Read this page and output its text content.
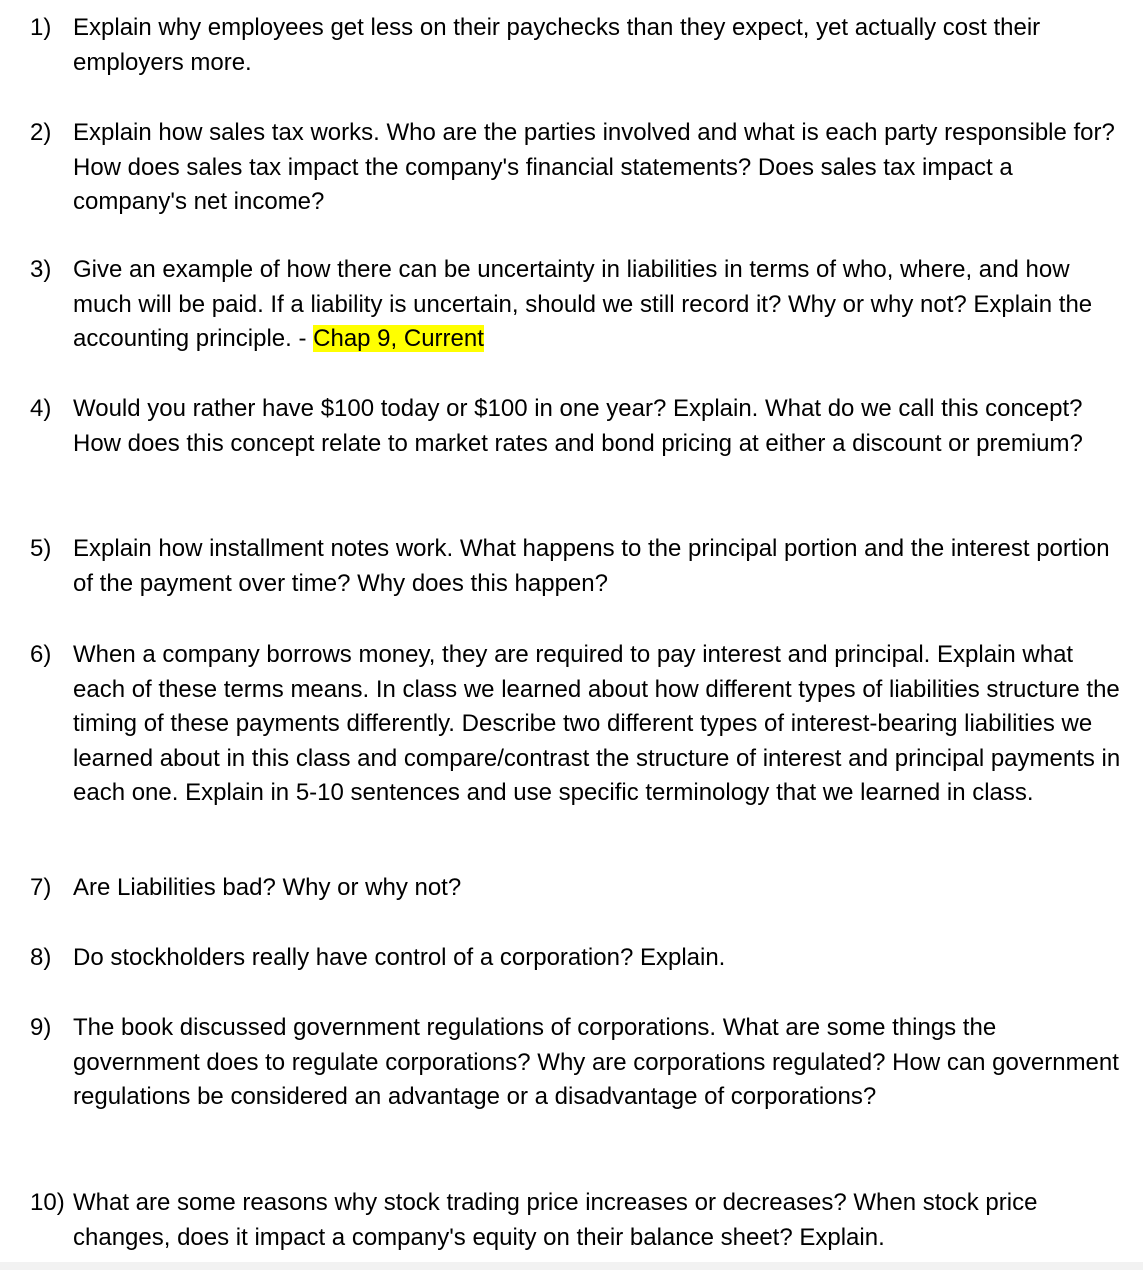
1) Explain why employees get less on their paychecks than they expect, yet actually cost their employers more.
2) Explain how sales tax works. Who are the parties involved and what is each party responsible for? How does sales tax impact the company's financial statements? Does sales tax impact a company's net income?
3) Give an example of how there can be uncertainty in liabilities in terms of who, where, and how much will be paid. If a liability is uncertain, should we still record it? Why or why not? Explain the accounting principle. - Chap 9, Current
4) Would you rather have $100 today or $100 in one year? Explain. What do we call this concept? How does this concept relate to market rates and bond pricing at either a discount or premium?
5) Explain how installment notes work. What happens to the principal portion and the interest portion of the payment over time? Why does this happen?
6) When a company borrows money, they are required to pay interest and principal. Explain what each of these terms means. In class we learned about how different types of liabilities structure the timing of these payments differently. Describe two different types of interest-bearing liabilities we learned about in this class and compare/contrast the structure of interest and principal payments in each one. Explain in 5-10 sentences and use specific terminology that we learned in class.
7) Are Liabilities bad? Why or why not?
8) Do stockholders really have control of a corporation? Explain.
9) The book discussed government regulations of corporations. What are some things the government does to regulate corporations? Why are corporations regulated? How can government regulations be considered an advantage or a disadvantage of corporations?
10) What are some reasons why stock trading price increases or decreases? When stock price changes, does it impact a company's equity on their balance sheet? Explain.
